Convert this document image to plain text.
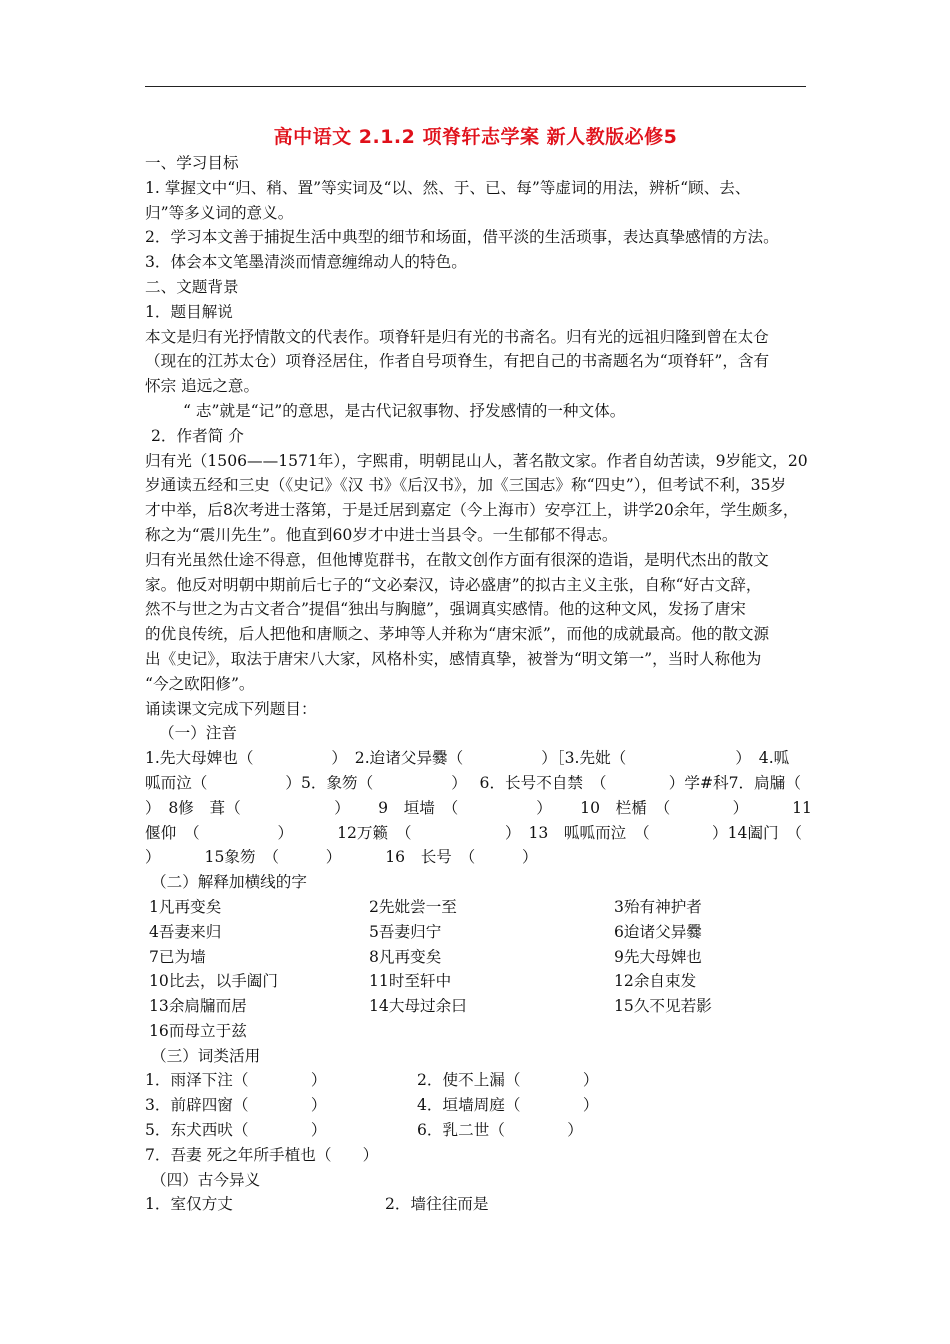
高中语文 2.1.2 项脊轩志学案 新人教版必修5
一、学习目标
1. 掌握文中“归、稍、置”等实词及“以、然、于、已、每”等虚词的用法，辨析“顾、去、
归”等多义词的意义。
2．学习本文善于捕捉生活中典型的细节和场面，借平淡的生活琐事，表达真挚感情的方法。
3．体会本文笔墨清淡而情意缠绵动人的特色。
二、文题背景
1．题目解说
本文是归有光抒情散文的代表作。项脊轩是归有光的书斋名。归有光的远祖归隆到曾在太仓
（现在的江苏太仓）项脊泾居住，作者自号项脊生，有把自己的书斋题名为“项脊轩”，含有
怀宗 追远之意。
“ 志”就是“记”的意思，是古代记叙事物、抒发感情的一种文体。
2．作者简 介
归有光（1506——1571年），字熙甫，明朝昆山人，著名散文家。作者自幼苦读，9岁能文，20
岁通读五经和三史（《史记》《汉 书》《后汉书》，加《三国志》称“四史”），但考试不利，35岁
才中举，后8次考进士落第，于是迁居到嘉定（今上海市）安亭江上，讲学20余年，学生颇多，
称之为“震川先生”。他直到60岁才中进士当县令。一生郁郁不得志。
归有光虽然仕途不得意，但他博览群书，在散文创作方面有很深的造诣，是明代杰出的散文
家。他反对明朝中期前后七子的“文必秦汉，诗必盛唐”的拟古主义主张，自称“好古文辞，
然不与世之为古文者合”提倡“独出与胸臆”，强调真实感情。他的这种文风，发扬了唐宋
的优良传统，后人把他和唐顺之、茅坤等人并称为“唐宋派”，而他的成就最高。他的散文源
出《史记》，取法于唐宋八大家，风格朴实，感情真挚，被誉为“明文第一”，当时人称他为
“今之欧阳修”。
诵读课文完成下列题目：
（一）注音
1.先大母婢也（　　　　　）　2.迨诸父异爨（　　　　　）［3.先妣（　　　　　　　）　4.呱
呱而泣（　　　　　）5．象笏（　　　　　）　 6．长号不自禁　（　　　　）学#科7．扃牖（
）　8修　葺（　　　　　　）　　 9　垣墙　（　　　　　）　　 10　栏楯　（　　　　）　　　 11
偃仰　（　　　　　）　　　 12万籁　（　　　　　　）　13　呱呱而泣　（　　　　）14阖门　（
）　　　 15象笏　（　　　）　　　 16　长号　（　　　）
（二）解释加横线的字
1凡再变矣	2先妣尝一至	3殆有神护者
4吾妻来归	5吾妻归宁	6迨诸父异爨
7已为墙	8凡再变矣	9先大母婢也
10比去，以手阖门	11时至轩中	12余自束发
13余扃牖而居	14大母过余曰	15久不见若影
16而母立于兹
（三）词类活用
1．雨泽下注（　　　　）	2．使不上漏（　　　　）
3．前辟四窗（　　　　）	4．垣墙周庭（　　　　）
5．东犬西吠（　　　　）	6．乳二世（　　　　）
7．吾妻 死之年所手植也（　　）
（四）古今异义
1．室仅方丈	2．墙往往而是
